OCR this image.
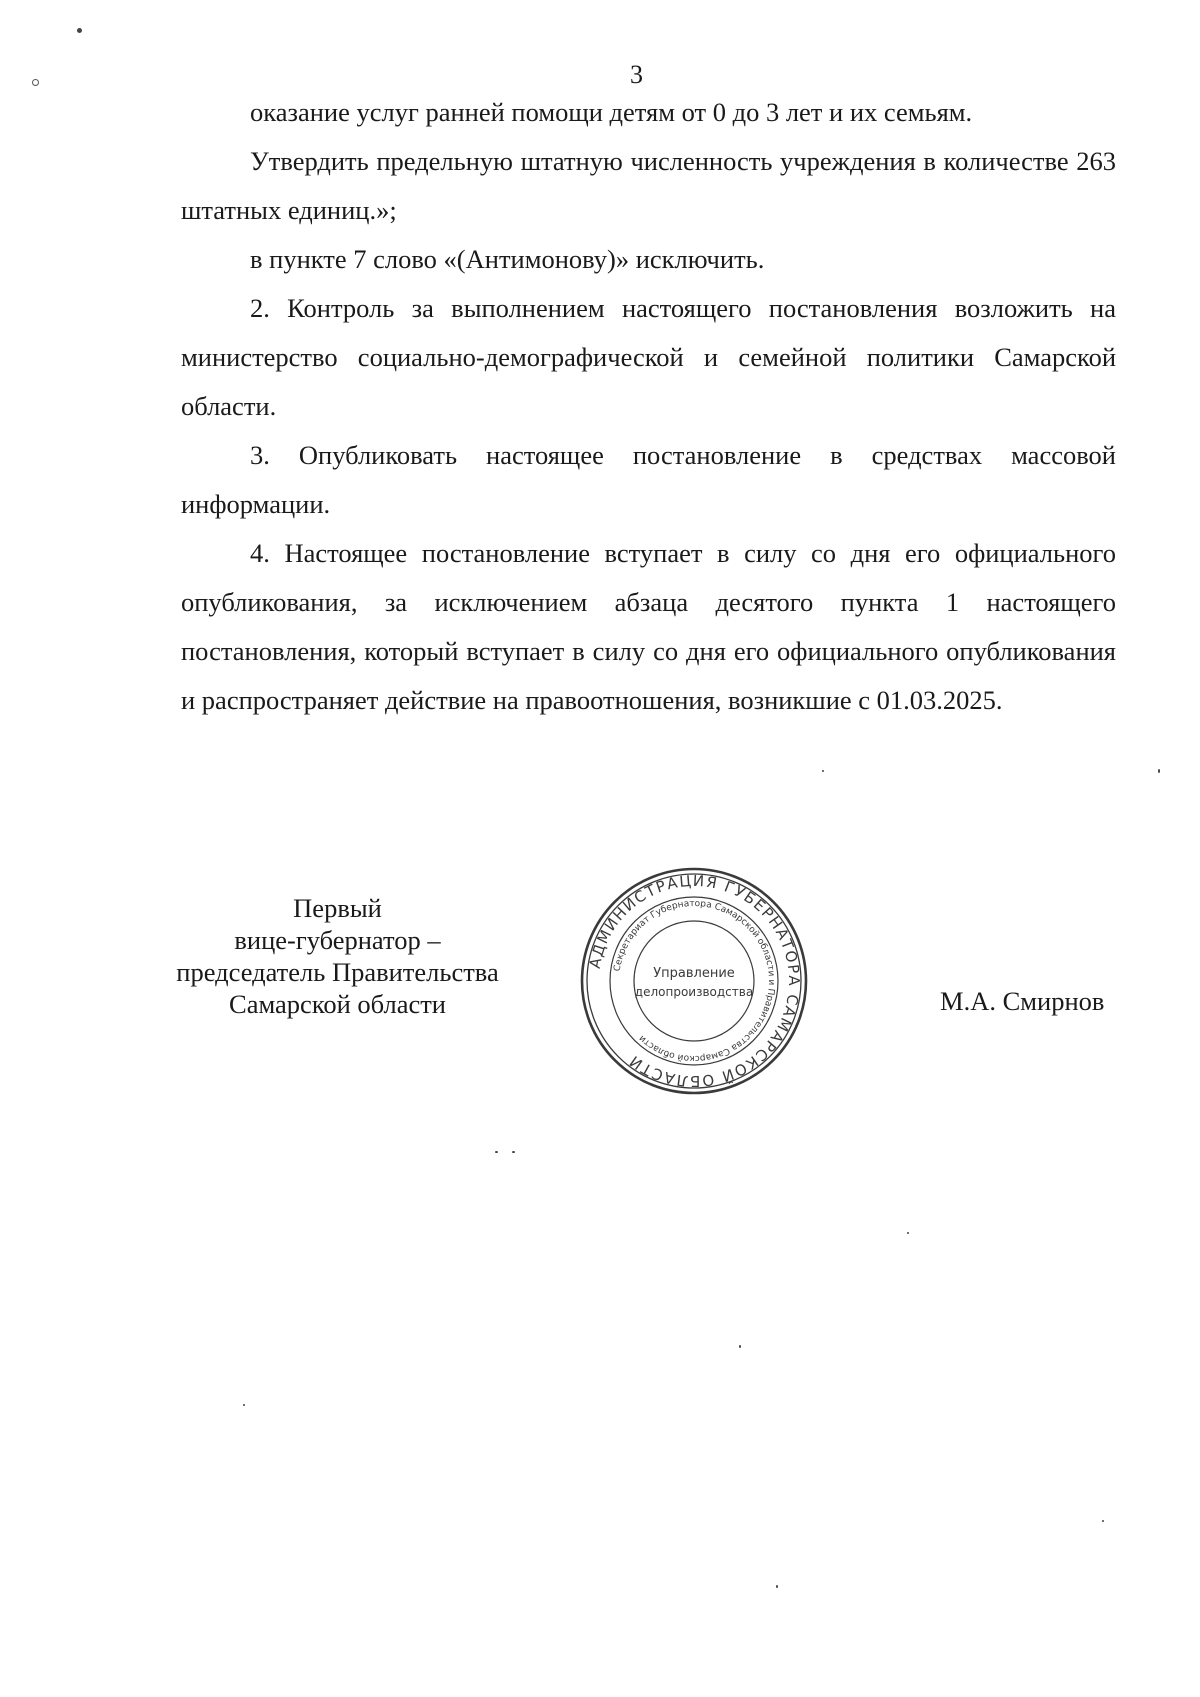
3

оказание услуг ранней помощи детям от 0 до 3 лет и их семьям.

Утвердить предельную штатную численность учреждения в количестве 263 штатных единиц.»;

в пункте 7 слово «(Антимонову)» исключить.

2. Контроль за выполнением настоящего постановления возложить на министерство социально-демографической и семейной политики Самарской области.

3. Опубликовать настоящее постановление в средствах массовой информации.

4. Настоящее постановление вступает в силу со дня его официального опубликования, за исключением абзаца десятого пункта 1 настоящего постановления, который вступает в силу со дня его официального опубликования и распространяет действие на правоотношения, возникшие с 01.03.2025.

Первый
вице-губернатор –
председатель Правительства
Самарской области
АДМИНИСТРАЦИЯ ГУБЕРНАТОРА САМАРСКОЙ ОБЛАСТИ
Секретариат Губернатора Самарской области и Правительства Самарской области
Управление
делопроизводства	М.А. Смирнов
